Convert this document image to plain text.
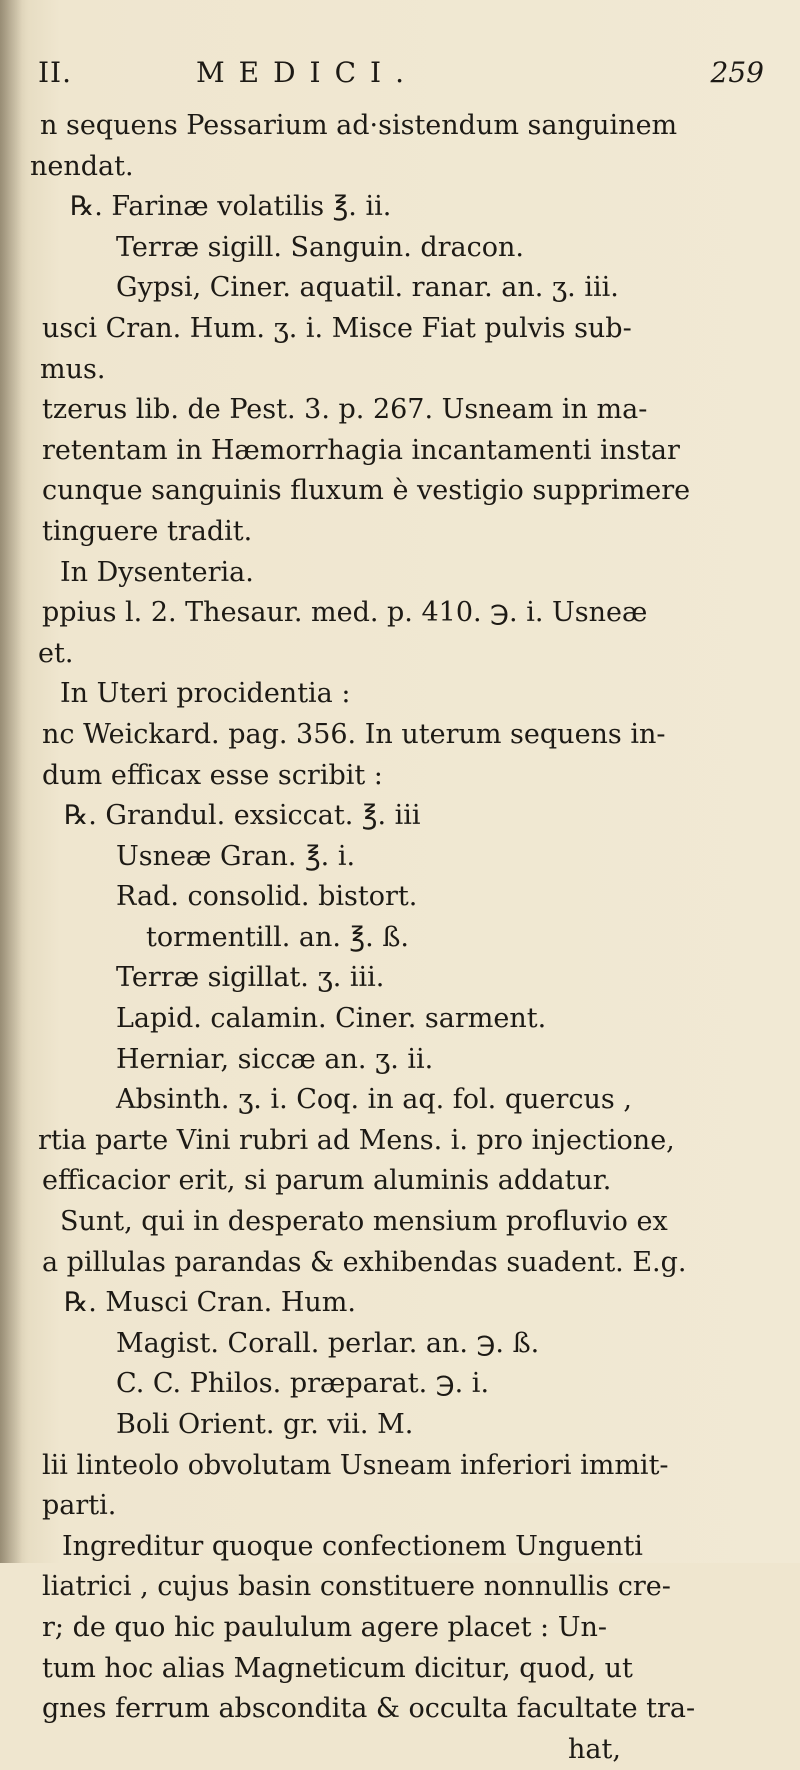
II.	MEDICI.	259
n sequens Pessarium ad·sistendum sanguinem
nendat.
℞. Farinæ volatilis ℥. ii.
Terræ sigill. Sanguin. dracon.
Gypsi, Ciner. aquatil. ranar. an. ʒ. iii.
usci Cran. Hum. ʒ. i. Misce Fiat pulvis sub-
mus.
tzerus lib. de Pest. 3. p. 267. Usneam in ma-
retentam in Hæmorrhagia incantamenti instar
cunque sanguinis fluxum è vestigio supprimere
tinguere tradit.
In Dysenteria.
ppius l. 2. Thesaur. med. p. 410. ℈. i. Usneæ
et.
In Uteri procidentia :
nc Weickard. pag. 356. In uterum sequens in-
dum efficax esse scribit :
℞. Grandul. exsiccat. ℥. iii
Usneæ Gran. ℥. i.
Rad. consolid. bistort.
tormentill. an. ℥. ß.
Terræ sigillat. ʒ. iii.
Lapid. calamin. Ciner. sarment.
Herniar, siccæ an. ʒ. ii.
Absinth. ʒ. i. Coq. in aq. fol. quercus ,
rtia parte Vini rubri ad Mens. i. pro injectione,
efficacior erit, si parum aluminis addatur.
Sunt, qui in desperato mensium profluvio ex
a pillulas parandas & exhibendas suadent. E.g.
℞. Musci Cran. Hum.
Magist. Corall. perlar. an. ℈. ß.
C. C. Philos. præparat. ℈. i.
Boli Orient. gr. vii. M.
lii linteolo obvolutam Usneam inferiori immit-
parti.
Ingreditur quoque confectionem Unguenti
liatrici , cujus basin constituere nonnullis cre-
r; de quo hic paululum agere placet : Un-
tum hoc alias Magneticum dicitur, quod, ut
gnes ferrum abscondita & occulta facultate tra-
hat,
